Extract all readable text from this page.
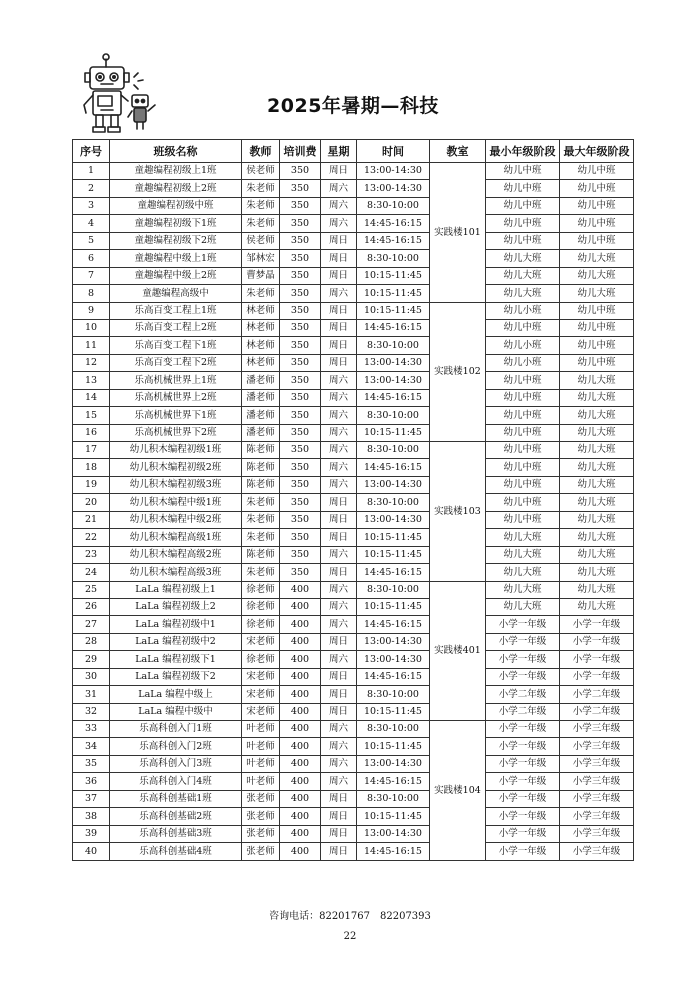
2025年暑期—科技
序号	班级名称	教师	培训费	星期	时间	教室	最小年级阶段	最大年级阶段
1	童趣编程初级上1班	侯老师	350	周日	13:00-14:30	实践楼101	幼儿中班	幼儿中班
2	童趣编程初级上2班	朱老师	350	周六	13:00-14:30		幼儿中班	幼儿中班
3	童趣编程初级中班	朱老师	350	周六	8:30-10:00		幼儿中班	幼儿中班
4	童趣编程初级下1班	朱老师	350	周六	14:45-16:15		幼儿中班	幼儿中班
5	童趣编程初级下2班	侯老师	350	周日	14:45-16:15		幼儿中班	幼儿中班
6	童趣编程中级上1班	邹林宏	350	周日	8:30-10:00		幼儿大班	幼儿大班
7	童趣编程中级上2班	曹梦晶	350	周日	10:15-11:45		幼儿大班	幼儿大班
8	童趣编程高级中	朱老师	350	周六	10:15-11:45		幼儿大班	幼儿大班
9	乐高百变工程上1班	林老师	350	周日	10:15-11:45	实践楼102	幼儿小班	幼儿中班
10	乐高百变工程上2班	林老师	350	周日	14:45-16:15		幼儿中班	幼儿中班
11	乐高百变工程下1班	林老师	350	周日	8:30-10:00		幼儿小班	幼儿中班
12	乐高百变工程下2班	林老师	350	周日	13:00-14:30		幼儿小班	幼儿中班
13	乐高机械世界上1班	潘老师	350	周六	13:00-14:30		幼儿中班	幼儿大班
14	乐高机械世界上2班	潘老师	350	周六	14:45-16:15		幼儿中班	幼儿大班
15	乐高机械世界下1班	潘老师	350	周六	8:30-10:00		幼儿中班	幼儿大班
16	乐高机械世界下2班	潘老师	350	周六	10:15-11:45		幼儿中班	幼儿大班
17	幼儿积木编程初级1班	陈老师	350	周六	8:30-10:00	实践楼103	幼儿中班	幼儿大班
18	幼儿积木编程初级2班	陈老师	350	周六	14:45-16:15		幼儿中班	幼儿大班
19	幼儿积木编程初级3班	陈老师	350	周六	13:00-14:30		幼儿中班	幼儿大班
20	幼儿积木编程中级1班	朱老师	350	周日	8:30-10:00		幼儿中班	幼儿大班
21	幼儿积木编程中级2班	朱老师	350	周日	13:00-14:30		幼儿中班	幼儿大班
22	幼儿积木编程高级1班	朱老师	350	周日	10:15-11:45		幼儿大班	幼儿大班
23	幼儿积木编程高级2班	陈老师	350	周六	10:15-11:45		幼儿大班	幼儿大班
24	幼儿积木编程高级3班	朱老师	350	周日	14:45-16:15		幼儿大班	幼儿大班
25	LaLa 编程初级上1	徐老师	400	周六	8:30-10:00	实践楼401	幼儿大班	幼儿大班
26	LaLa 编程初级上2	徐老师	400	周六	10:15-11:45		幼儿大班	幼儿大班
27	LaLa 编程初级中1	徐老师	400	周六	14:45-16:15		小学一年级	小学一年级
28	LaLa 编程初级中2	宋老师	400	周日	13:00-14:30		小学一年级	小学一年级
29	LaLa 编程初级下1	徐老师	400	周六	13:00-14:30		小学一年级	小学一年级
30	LaLa 编程初级下2	宋老师	400	周日	14:45-16:15		小学一年级	小学一年级
31	LaLa 编程中级上	宋老师	400	周日	8:30-10:00		小学二年级	小学二年级
32	LaLa 编程中级中	宋老师	400	周日	10:15-11:45		小学二年级	小学二年级
33	乐高科创入门1班	叶老师	400	周六	8:30-10:00	实践楼104	小学一年级	小学三年级
34	乐高科创入门2班	叶老师	400	周六	10:15-11:45		小学一年级	小学三年级
35	乐高科创入门3班	叶老师	400	周六	13:00-14:30		小学一年级	小学三年级
36	乐高科创入门4班	叶老师	400	周六	14:45-16:15		小学一年级	小学三年级
37	乐高科创基础1班	张老师	400	周日	8:30-10:00		小学一年级	小学三年级
38	乐高科创基础2班	张老师	400	周日	10:15-11:45		小学一年级	小学三年级
39	乐高科创基础3班	张老师	400	周日	13:00-14:30		小学一年级	小学三年级
40	乐高科创基础4班	张老师	400	周日	14:45-16:15		小学一年级	小学三年级
咨询电话：82201767　82207393
22
